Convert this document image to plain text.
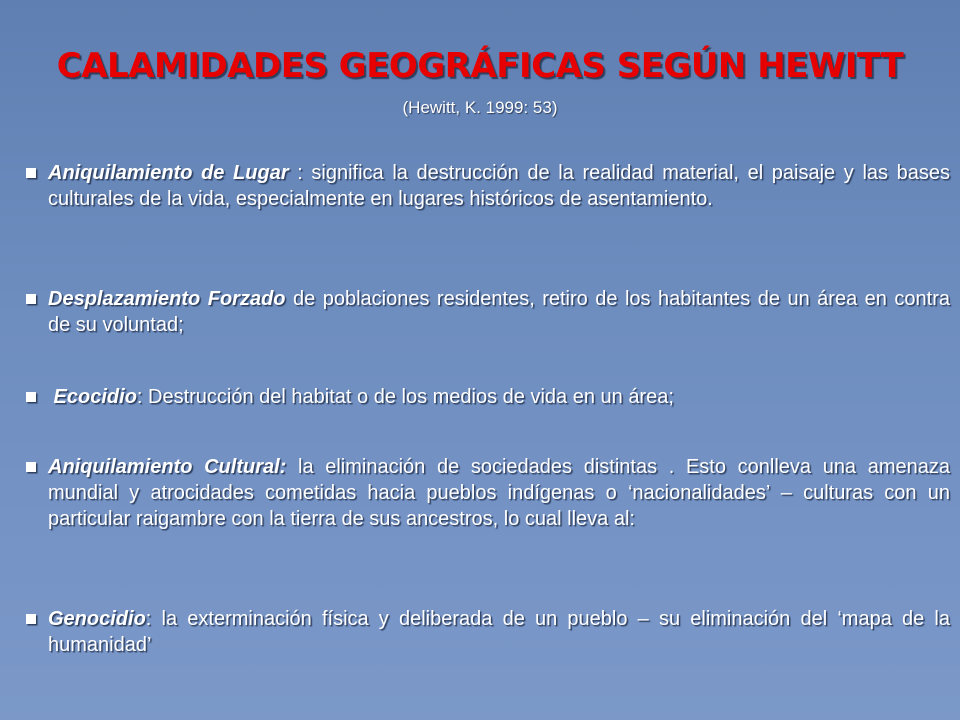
CALAMIDADES GEOGRÁFICAS SEGÚN HEWITT
(Hewitt, K. 1999: 53)
Aniquilamiento de Lugar : significa la destrucción de la realidad material, el paisaje y las bases culturales de la vida, especialmente en lugares históricos de asentamiento.
Desplazamiento Forzado de poblaciones residentes, retiro de los habitantes de un área en contra de su voluntad;
Ecocidio: Destrucción del habitat o de los medios de vida en un área;
Aniquilamiento Cultural: la eliminación de sociedades distintas . Esto conlleva una amenaza mundial y atrocidades cometidas hacia pueblos indígenas o ‘nacionalidades’ – culturas con un particular raigambre con la tierra de sus ancestros, lo cual lleva al:
Genocidio: la exterminación física y deliberada de un pueblo – su eliminación del ‘mapa de la humanidad’
